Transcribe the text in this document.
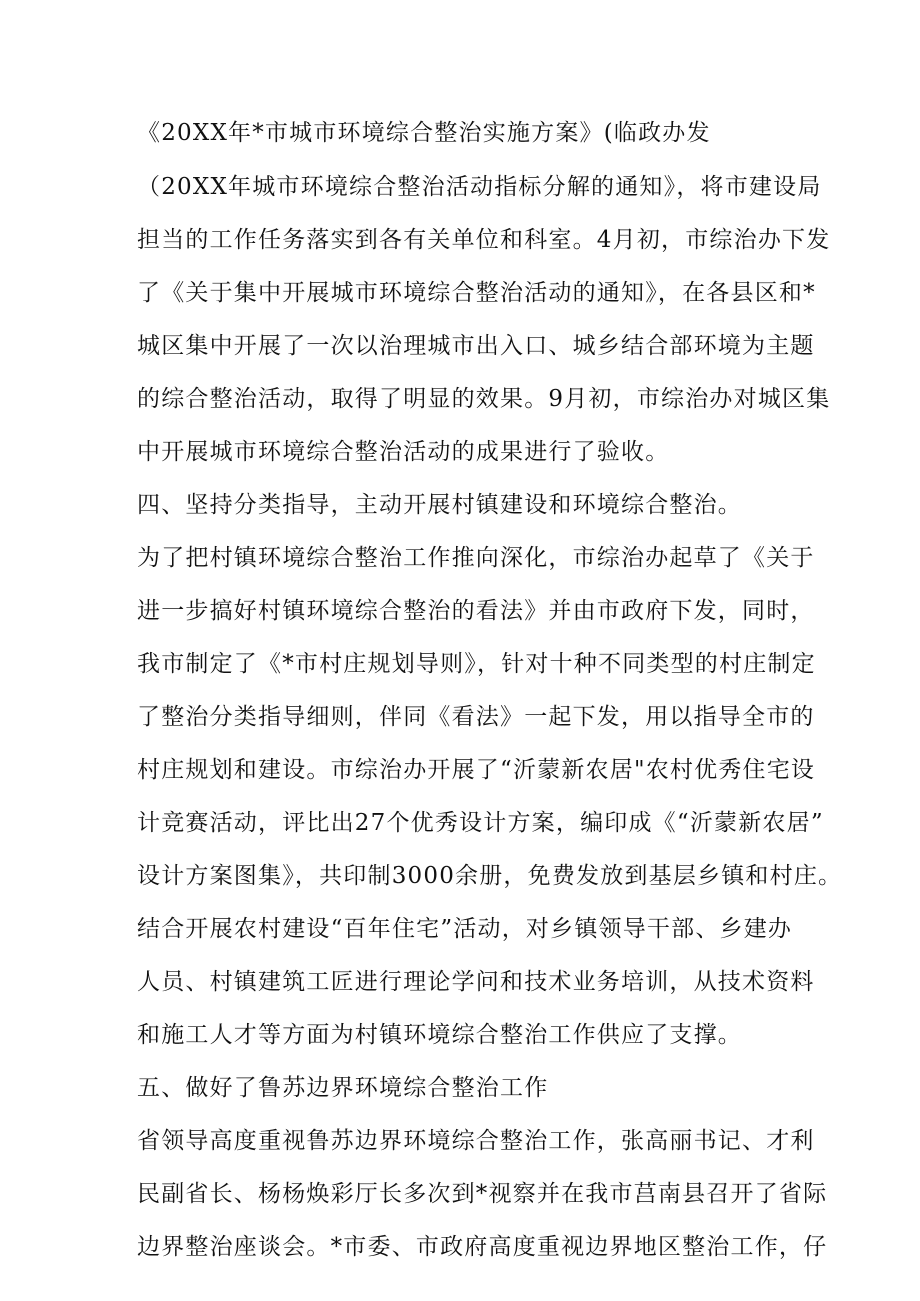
《20XX年*市城市环境综合整治实施方案》(临政办发
（20XX年城市环境综合整治活动指标分解的通知》，将市建设局
担当的工作任务落实到各有关单位和科室。4月初，市综治办下发
了《关于集中开展城市环境综合整治活动的通知》，在各县区和*
城区集中开展了一次以治理城市出入口、城乡结合部环境为主题
的综合整治活动，取得了明显的效果。9月初，市综治办对城区集
中开展城市环境综合整治活动的成果进行了验收。
四、坚持分类指导，主动开展村镇建设和环境综合整治。
为了把村镇环境综合整治工作推向深化，市综治办起草了《关于
进一步搞好村镇环境综合整治的看法》并由市政府下发，同时，
我市制定了《*市村庄规划导则》，针对十种不同类型的村庄制定
了整治分类指导细则，伴同《看法》一起下发，用以指导全市的
村庄规划和建设。市综治办开展了“沂蒙新农居"农村优秀住宅设
计竞赛活动，评比出27个优秀设计方案，编印成《“沂蒙新农居”
设计方案图集》，共印制3000余册，免费发放到基层乡镇和村庄。
结合开展农村建设“百年住宅”活动，对乡镇领导干部、乡建办
人员、村镇建筑工匠进行理论学问和技术业务培训，从技术资料
和施工人才等方面为村镇环境综合整治工作供应了支撑。
五、做好了鲁苏边界环境综合整治工作
省领导高度重视鲁苏边界环境综合整治工作，张高丽书记、才利
民副省长、杨杨焕彩厅长多次到*视察并在我市莒南县召开了省际
边界整治座谈会。*市委、市政府高度重视边界地区整治工作，仔
